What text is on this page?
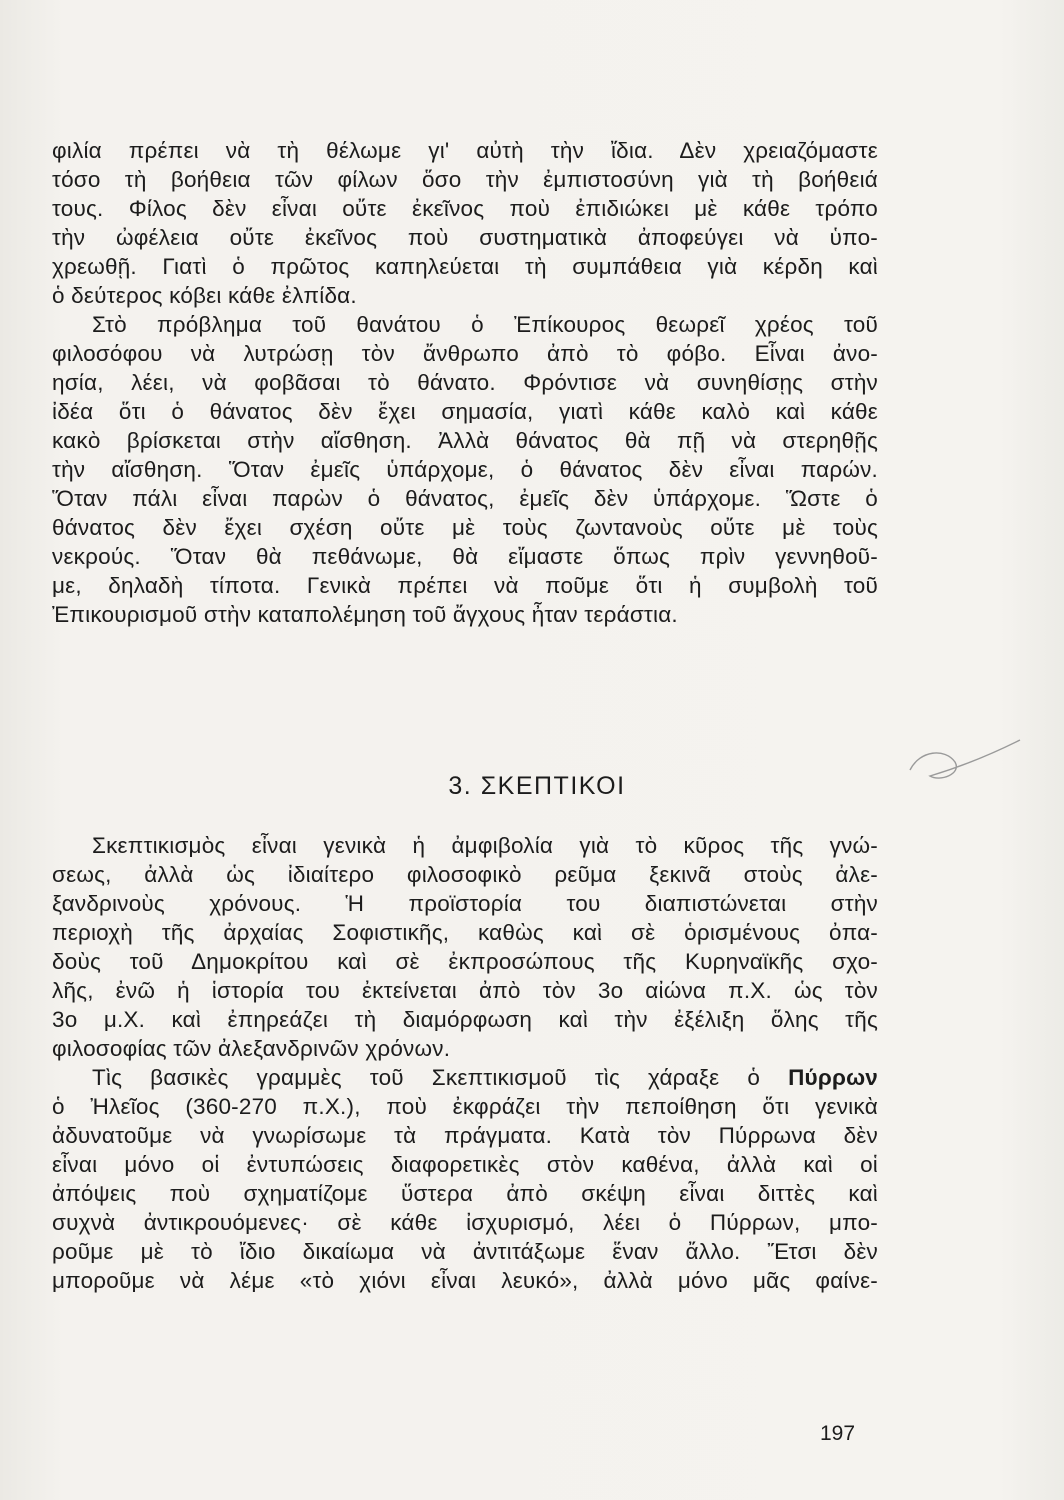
φιλία πρέπει νὰ τὴ θέλωμε γι' αὐτὴ τὴν ἴδια. Δὲν χρειαζόμαστε
τόσο τὴ βοήθεια τῶν φίλων ὅσο τὴν ἐμπιστοσύνη γιὰ τὴ βοήθειά
τους. Φίλος δὲν εἶναι οὔτε ἐκεῖνος ποὺ ἐπιδιώκει μὲ κάθε τρόπο
τὴν ὠφέλεια οὔτε ἐκεῖνος ποὺ συστηματικὰ ἀποφεύγει νὰ ὑπο-
χρεωθῇ. Γιατὶ ὁ πρῶτος καπηλεύεται τὴ συμπάθεια γιὰ κέρδη καὶ
ὁ δεύτερος κόβει κάθε ἐλπίδα.
Στὸ πρόβλημα τοῦ θανάτου ὁ Ἐπίκουρος θεωρεῖ χρέος τοῦ
φιλοσόφου νὰ λυτρώσῃ τὸν ἄνθρωπο ἀπὸ τὸ φόβο. Εἶναι ἀνο-
ησία, λέει, νὰ φοβᾶσαι τὸ θάνατο. Φρόντισε νὰ συνηθίσῃς στὴν
ἰδέα ὅτι ὁ θάνατος δὲν ἔχει σημασία, γιατὶ κάθε καλὸ καὶ κάθε
κακὸ βρίσκεται στὴν αἴσθηση. Ἀλλὰ θάνατος θὰ πῇ νὰ στερηθῇς
τὴν αἴσθηση. Ὅταν ἐμεῖς ὑπάρχομε, ὁ θάνατος δὲν εἶναι παρών.
Ὅταν πάλι εἶναι παρὼν ὁ θάνατος, ἐμεῖς δὲν ὑπάρχομε. Ὥστε ὁ
θάνατος δὲν ἔχει σχέση οὔτε μὲ τοὺς ζωντανοὺς οὔτε μὲ τοὺς
νεκρούς. Ὅταν θὰ πεθάνωμε, θὰ εἴμαστε ὅπως πρὶν γεννηθοῦ-
με, δηλαδὴ τίποτα. Γενικὰ πρέπει νὰ ποῦμε ὅτι ἡ συμβολὴ τοῦ
Ἐπικουρισμοῦ στὴν καταπολέμηση τοῦ ἄγχους ἦταν τεράστια.
3. ΣΚΕΠΤΙΚΟΙ
Σκεπτικισμὸς εἶναι γενικὰ ἡ ἀμφιβολία γιὰ τὸ κῦρος τῆς γνώ-
σεως, ἀλλὰ ὡς ἰδιαίτερο φιλοσοφικὸ ρεῦμα ξεκινᾶ στοὺς ἀλε-
ξανδρινοὺς χρόνους. Ἡ προϊστορία του διαπιστώνεται στὴν
περιοχὴ τῆς ἀρχαίας Σοφιστικῆς, καθὼς καὶ σὲ ὁρισμένους ὀπα-
δοὺς τοῦ Δημοκρίτου καὶ σὲ ἐκπροσώπους τῆς Κυρηναϊκῆς σχο-
λῆς, ἐνῶ ἡ ἱστορία του ἐκτείνεται ἀπὸ τὸν 3ο αἰώνα π.Χ. ὡς τὸν
3ο μ.Χ. καὶ ἐπηρεάζει τὴ διαμόρφωση καὶ τὴν ἐξέλιξη ὅλης τῆς
φιλοσοφίας τῶν ἀλεξανδρινῶν χρόνων.
Τὶς βασικὲς γραμμὲς τοῦ Σκεπτικισμοῦ τὶς χάραξε ὁ Πύρρων
ὁ Ἠλεῖος (360-270 π.Χ.), ποὺ ἐκφράζει τὴν πεποίθηση ὅτι γενικὰ
ἀδυνατοῦμε νὰ γνωρίσωμε τὰ πράγματα. Κατὰ τὸν Πύρρωνα δὲν
εἶναι μόνο οἱ ἐντυπώσεις διαφορετικὲς στὸν καθένα, ἀλλὰ καὶ οἱ
ἀπόψεις ποὺ σχηματίζομε ὕστερα ἀπὸ σκέψη εἶναι διττὲς καὶ
συχνὰ ἀντικρουόμενες· σὲ κάθε ἰσχυρισμό, λέει ὁ Πύρρων, μπο-
ροῦμε μὲ τὸ ἴδιο δικαίωμα νὰ ἀντιτάξωμε ἕναν ἄλλο. Ἔτσι δὲν
μποροῦμε νὰ λέμε «τὸ χιόνι εἶναι λευκό», ἀλλὰ μόνο μᾶς φαίνε-
197
